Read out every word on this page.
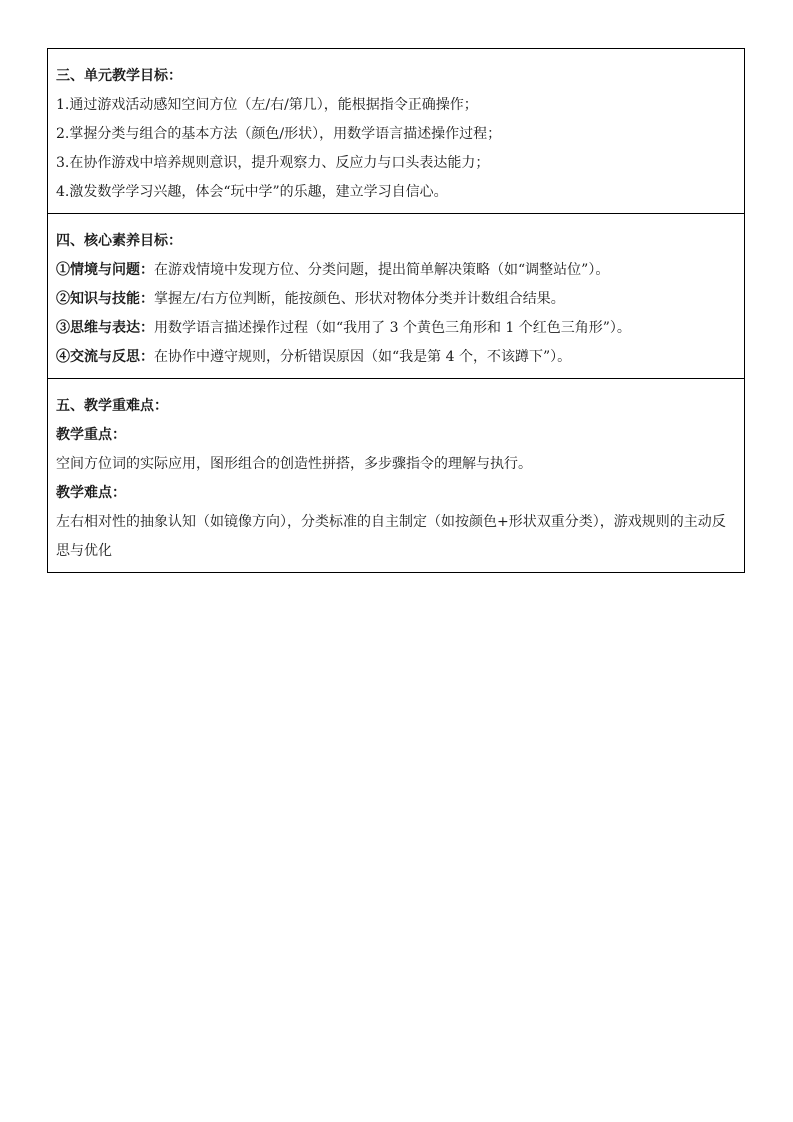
三、单元教学目标：
1.通过游戏活动感知空间方位（左/右/第几），能根据指令正确操作；
2.掌握分类与组合的基本方法（颜色/形状），用数学语言描述操作过程；
3.在协作游戏中培养规则意识，提升观察力、反应力与口头表达能力；
4.激发数学学习兴趣，体会“玩中学”的乐趣，建立学习自信心。
四、核心素养目标：
①情境与问题：在游戏情境中发现方位、分类问题，提出简单解决策略（如“调整站位”）。
②知识与技能：掌握左/右方位判断，能按颜色、形状对物体分类并计数组合结果。
③思维与表达：用数学语言描述操作过程（如“我用了 3 个黄色三角形和 1 个红色三角形”）。
④交流与反思：在协作中遵守规则，分析错误原因（如“我是第 4 个，不该蹲下”）。
五、教学重难点：
教学重点：
空间方位词的实际应用，图形组合的创造性拼搭，多步骤指令的理解与执行。
教学难点：
左右相对性的抽象认知（如镜像方向），分类标准的自主制定（如按颜色+形状双重分类），游戏规则的主动反思与优化
